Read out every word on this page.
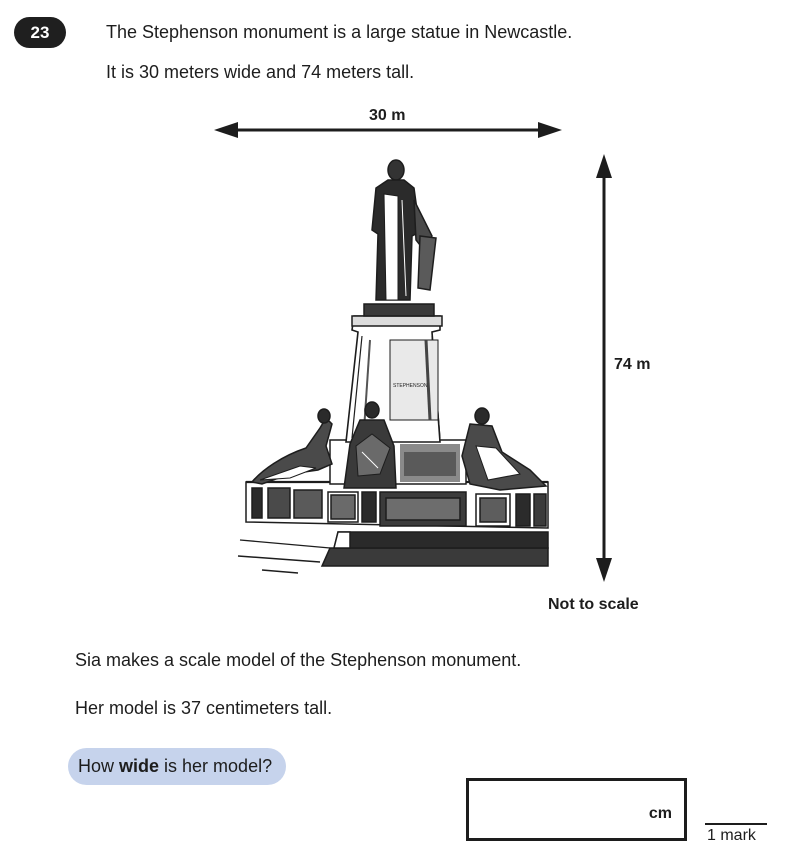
23	The Stephenson monument is a large statue in Newcastle.
It is 30 meters wide and 74 meters tall.
30 m
74 m
Not to scale
STEPHENSON
Sia makes a scale model of the Stephenson monument.
Her model is 37 centimeters tall.
How wide is her model?
cm
1 mark
